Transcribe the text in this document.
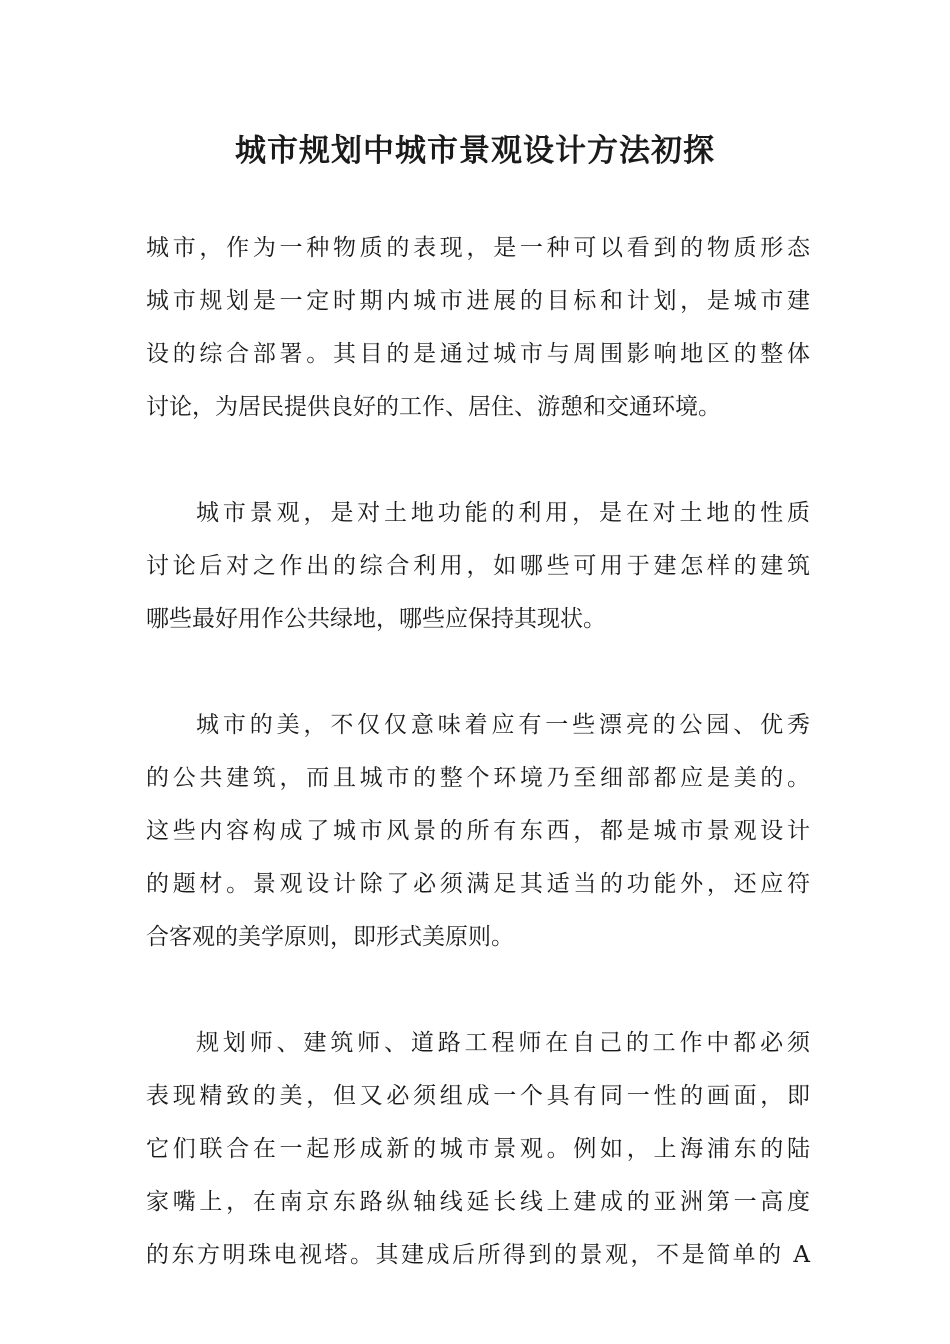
城市规划中城市景观设计方法初探
城市，作为一种物质的表现，是一种可以看到的物质形态
城市规划是一定时期内城市进展的目标和计划，是城市建
设的综合部署。其目的是通过城市与周围影响地区的整体
讨论，为居民提供良好的工作、居住、游憩和交通环境。
城市景观，是对土地功能的利用，是在对土地的性质
讨论后对之作出的综合利用，如哪些可用于建怎样的建筑
哪些最好用作公共绿地，哪些应保持其现状。
城市的美，不仅仅意味着应有一些漂亮的公园、优秀
的公共建筑，而且城市的整个环境乃至细部都应是美的。
这些内容构成了城市风景的所有东西，都是城市景观设计
的题材。景观设计除了必须满足其适当的功能外，还应符
合客观的美学原则，即形式美原则。
规划师、建筑师、道路工程师在自己的工作中都必须
表现精致的美，但又必须组成一个具有同一性的画面，即
它们联合在一起形成新的城市景观。例如，上海浦东的陆
家嘴上，在南京东路纵轴线延长线上建成的亚洲第一高度
的东方明珠电视塔。其建成后所得到的景观，不是简单的 A
